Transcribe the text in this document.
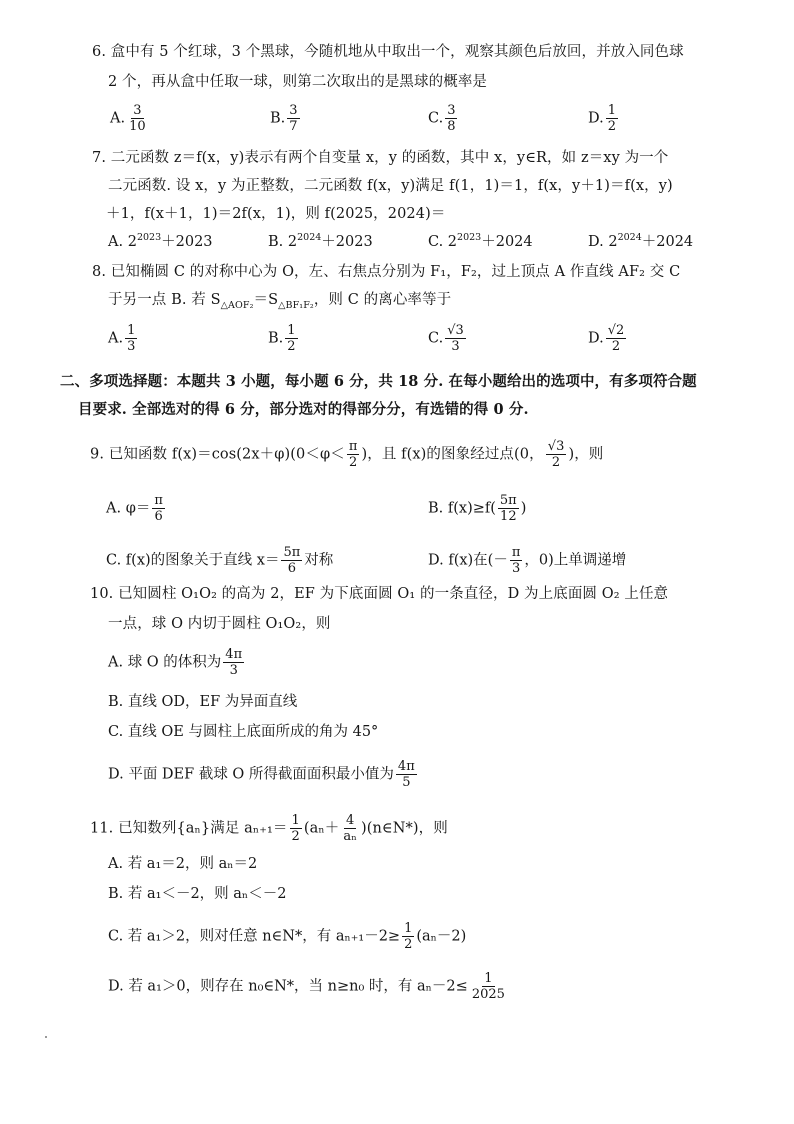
6. 盒中有 5 个红球，3 个黑球，今随机地从中取出一个，观察其颜色后放回，并放入同色球
2 个，再从盒中任取一球，则第二次取出的是黑球的概率是
A. $\frac{3}{10}$	B. $\frac{3}{7}$	C. $\frac{3}{8}$	D. $\frac{1}{2}$
7. 二元函数 z＝f(x，y)表示有两个自变量 x，y 的函数，其中 x，y∈R，如 z＝xy 为一个
二元函数. 设 x，y 为正整数，二元函数 f(x，y)满足 f(1，1)＝1，f(x，y＋1)＝f(x，y)
＋1，f(x＋1，1)＝2f(x，1)，则 f(2025，2024)＝
A. $2^{2023}+2023$	B. $2^{2024}+2023$	C. $2^{2023}+2024$	D. $2^{2024}+2024$
8. 已知椭圆 C 的对称中心为 O，左、右焦点分别为 F₁，F₂，过上顶点 A 作直线 AF₂ 交 C
于另一点 B. 若 $S_{\triangle AOF_2}=S_{\triangle BF_1F_2}$，则 C 的离心率等于
A. $\frac{1}{3}$	B. $\frac{1}{2}$	C. $\frac{√3}{3}$	D. $\frac{√2}{2}$
二、多项选择题：本题共 3 小题，每小题 6 分，共 18 分. 在每小题给出的选项中，有多项符合题
目要求. 全部选对的得 6 分，部分选对的得部分分，有选错的得 0 分.
9. 已知函数 $f(x)=\cos(2x+\varphi)(0<\varphi< \frac{\pi}{2}$ )，且 f(x)的图象经过点(0， $\frac{√3}{2}$ )，则
A. $\varphi= \frac{\pi}{6}$	B. $f(x)\ge f( \frac{5\pi}{12}$ )
C. f(x)的图象关于直线 $x= \frac{5\pi}{6}$ 对称	D. f(x)在(－ $\frac{\pi}{3}$ ，0)上单调递增
10. 已知圆柱 O₁O₂ 的高为 2，EF 为下底面圆 O₁ 的一条直径，D 为上底面圆 O₂ 上任意
一点，球 O 内切于圆柱 O₁O₂，则
A. 球 O 的体积为 $\frac{4\pi}{3}$
B. 直线 OD，EF 为异面直线
C. 直线 OE 与圆柱上底面所成的角为 45°
D. 平面 DEF 截球 O 所得截面面积最小值为 $\frac{4\pi}{5}$
11. 已知数列{aₙ}满足 $a_{n+1}= \frac{1}{2} (a_n+ \frac{4}{\text{aₙ}}$ )(n∈N*)，则
A. 若 a₁＝2，则 aₙ＝2
B. 若 a₁＜－2，则 aₙ＜－2
C. 若 a₁＞2，则对任意 n∈N*，有 $a_{n+1}-2\ge \frac{1}{2} (a_n-2)$
D. 若 a₁＞0，则存在 n₀∈N*，当 n≥n₀ 时，有 $a_n-2\le \frac{1}{2025}$
